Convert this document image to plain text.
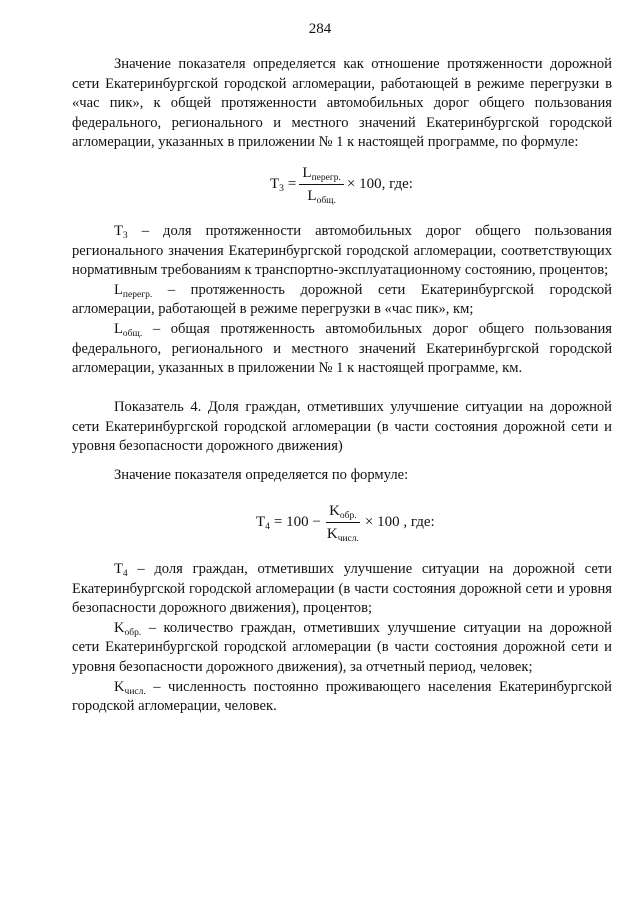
284

Значение показателя определяется как отношение протяженности дорожной сети Екатеринбургской городской агломерации, работающей в режиме перегрузки в «час пик», к общей протяженности автомобильных дорог общего пользования федерального, регионального и местного значений Екатеринбургской городской агломерации, указанных в приложении № 1 к настоящей программе, по формуле:

$T_3 = \frac{L_{перегр.}}{L_{общ.}} \times 100$, где:

$T_3$ – доля протяженности автомобильных дорог общего пользования регионального значения Екатеринбургской городской агломерации, соответствующих нормативным требованиям к транспортно-эксплуатационному состоянию, процентов;

$L_{перегр.}$ – протяженность дорожной сети Екатеринбургской городской агломерации, работающей в режиме перегрузки в «час пик», км;

$L_{общ.}$ – общая протяженность автомобильных дорог общего пользования федерального, регионального и местного значений Екатеринбургской городской агломерации, указанных в приложении № 1 к настоящей программе, км.

Показатель 4. Доля граждан, отметивших улучшение ситуации на дорожной сети Екатеринбургской городской агломерации (в части состояния дорожной сети и уровня безопасности дорожного движения)

Значение показателя определяется по формуле:

$T_4 = 100 - \frac{K_{обр.}}{K_{числ.}} \times 100$ , где:

$T_4$ – доля граждан, отметивших улучшение ситуации на дорожной сети Екатеринбургской городской агломерации (в части состояния дорожной сети и уровня безопасности дорожного движения), процентов;

$K_{обр.}$ – количество граждан, отметивших улучшение ситуации на дорожной сети Екатеринбургской городской агломерации (в части состояния дорожной сети и уровня безопасности дорожного движения), за отчетный период, человек;

$K_{числ.}$ – численность постоянно проживающего населения Екатеринбургской городской агломерации, человек.
